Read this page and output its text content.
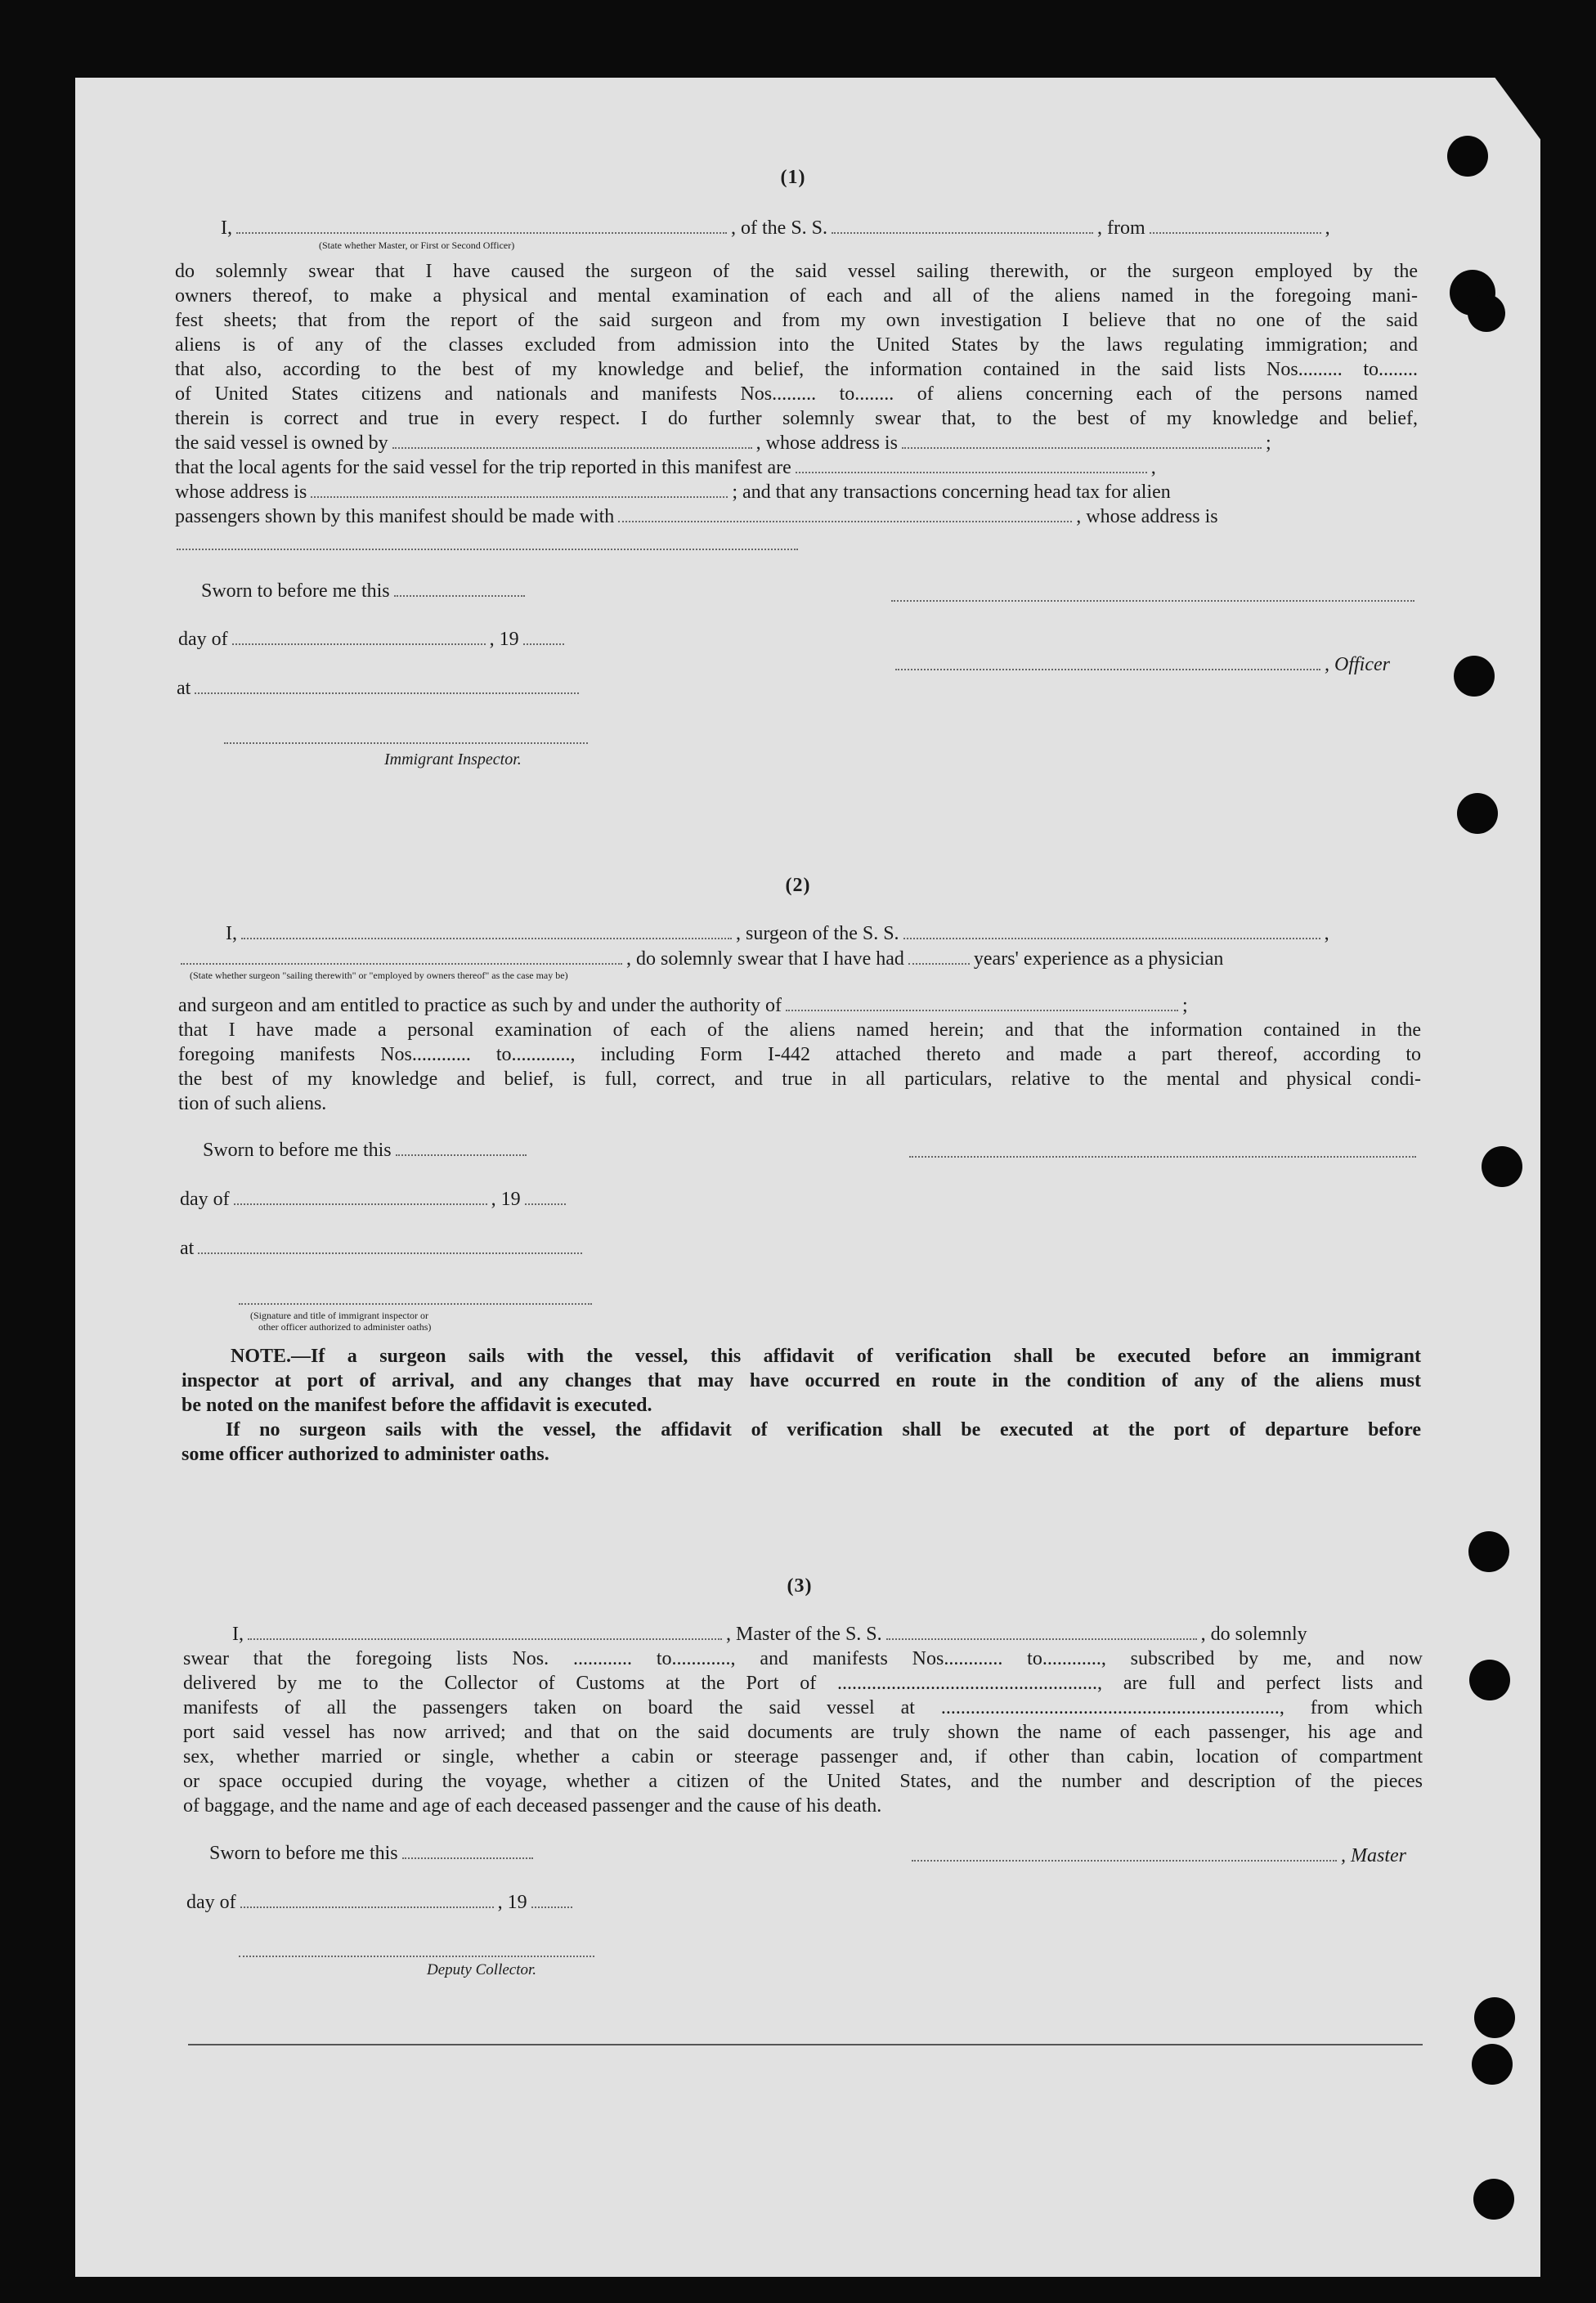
(1)
I,	, of the S. S.	, from	,
(State whether Master, or First or Second Officer)
do solemnly swear that I have caused the surgeon of the said vessel sailing therewith, or the surgeon employed by the
owners thereof, to make a physical and mental examination of each and all of the aliens named in the foregoing mani-
fest sheets; that from the report of the said surgeon and from my own investigation I believe that no one of the said
aliens is of any of the classes excluded from admission into the United States by the laws regulating immigration; and
that also, according to the best of my knowledge and belief, the information contained in the said lists Nos......... to........
of United States citizens and nationals and manifests Nos......... to........ of aliens concerning each of the persons named
therein is correct and true in every respect. I do further solemnly swear that, to the best of my knowledge and belief,
the said vessel is owned by	, whose address is	;
that the local agents for the said vessel for the trip reported in this manifest are	,
whose address is	; and that any transactions concerning head tax for alien
passengers shown by this manifest should be made with	, whose address is
Sworn to before me this
day of	, 19
, Officer
at
Immigrant Inspector.
(2)
I,	, surgeon of the S. S.	,
, do solemnly swear that I have had	years' experience as a physician
(State whether surgeon "sailing therewith" or "employed by owners thereof" as the case may be)
and surgeon and am entitled to practice as such by and under the authority of	;
that I have made a personal examination of each of the aliens named herein; and that the information contained in the
foregoing manifests Nos............ to............, including Form I-442 attached thereto and made a part thereof, according to
the best of my knowledge and belief, is full, correct, and true in all particulars, relative to the mental and physical condi-
tion of such aliens.
Sworn to before me this
day of	, 19
at
(Signature and title of immigrant inspector or
other officer authorized to administer oaths)
NOTE.—If a surgeon sails with the vessel, this affidavit of verification shall be executed before an immigrant
inspector at port of arrival, and any changes that may have occurred en route in the condition of any of the aliens must
be noted on the manifest before the affidavit is executed.
If no surgeon sails with the vessel, the affidavit of verification shall be executed at the port of departure before
some officer authorized to administer oaths.
(3)
I,	, Master of the S. S.	, do solemnly
swear that the foregoing lists Nos. ............ to............, and manifests Nos............ to............, subscribed by me, and now
delivered by me to the Collector of Customs at the Port of ....................................................., are full and perfect lists and
manifests of all the passengers taken on board the said vessel at ....................................................................., from which
port said vessel has now arrived; and that on the said documents are truly shown the name of each passenger, his age and
sex, whether married or single, whether a cabin or steerage passenger and, if other than cabin, location of compartment
or space occupied during the voyage, whether a citizen of the United States, and the number and description of the pieces
of baggage, and the name and age of each deceased passenger and the cause of his death.
Sworn to before me this	, Master
day of	, 19
Deputy Collector.
